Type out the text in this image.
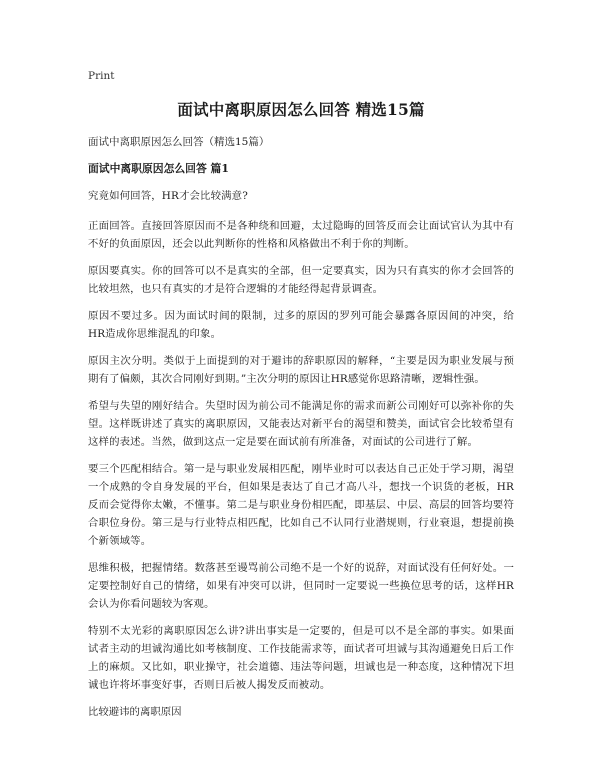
Print
面试中离职原因怎么回答 精选15篇
面试中离职原因怎么回答（精选15篇）
面试中离职原因怎么回答 篇1

究竟如何回答，HR才会比较满意?

正面回答。直接回答原因而不是各种绕和回避，太过隐晦的回答反而会让面试官认为其中有不好的负面原因，还会以此判断你的性格和风格做出不利于你的判断。

原因要真实。你的回答可以不是真实的全部，但一定要真实，因为只有真实的你才会回答的比较坦然，也只有真实的才是符合逻辑的才能经得起背景调查。

原因不要过多。因为面试时间的限制，过多的原因的罗列可能会暴露各原因间的冲突，给HR造成你思维混乱的印象。

原因主次分明。类似于上面提到的对于避讳的辞职原因的解释，“主要是因为职业发展与预期有了偏颇，其次合同刚好到期。”主次分明的原因让HR感觉你思路清晰，逻辑性强。

希望与失望的刚好结合。失望时因为前公司不能满足你的需求而新公司刚好可以弥补你的失望。这样既讲述了真实的离职原因，又能表达对新平台的渴望和赞美，面试官会比较希望有这样的表述。当然，做到这点一定是要在面试前有所准备，对面试的公司进行了解。

要三个匹配相结合。第一是与职业发展相匹配，刚毕业时可以表达自己正处于学习期，渴望一个成熟的令自身发展的平台，但如果是表达了自己才高八斗，想找一个识货的老板，HR反而会觉得你太嫩，不懂事。第二是与职业身份相匹配，即基层、中层、高层的回答均要符合职位身份。第三是与行业特点相匹配，比如自己不认同行业潜规则，行业衰退，想提前换个新领域等。

思维积极，把握情绪。数落甚至谩骂前公司绝不是一个好的说辞，对面试没有任何好处。一定要控制好自己的情绪，如果有冲突可以讲，但同时一定要说一些换位思考的话，这样HR会认为你看问题较为客观。

特别不太光彩的离职原因怎么讲?讲出事实是一定要的，但是可以不是全部的事实。如果面试者主动的坦诚沟通比如考核制度、工作技能需求等，面试者可坦诚与其沟通避免日后工作上的麻烦。又比如，职业操守，社会道德、违法等问题，坦诚也是一种态度，这种情况下坦诚也许将坏事变好事，否则日后被人揭发反而被动。

比较避讳的离职原因
